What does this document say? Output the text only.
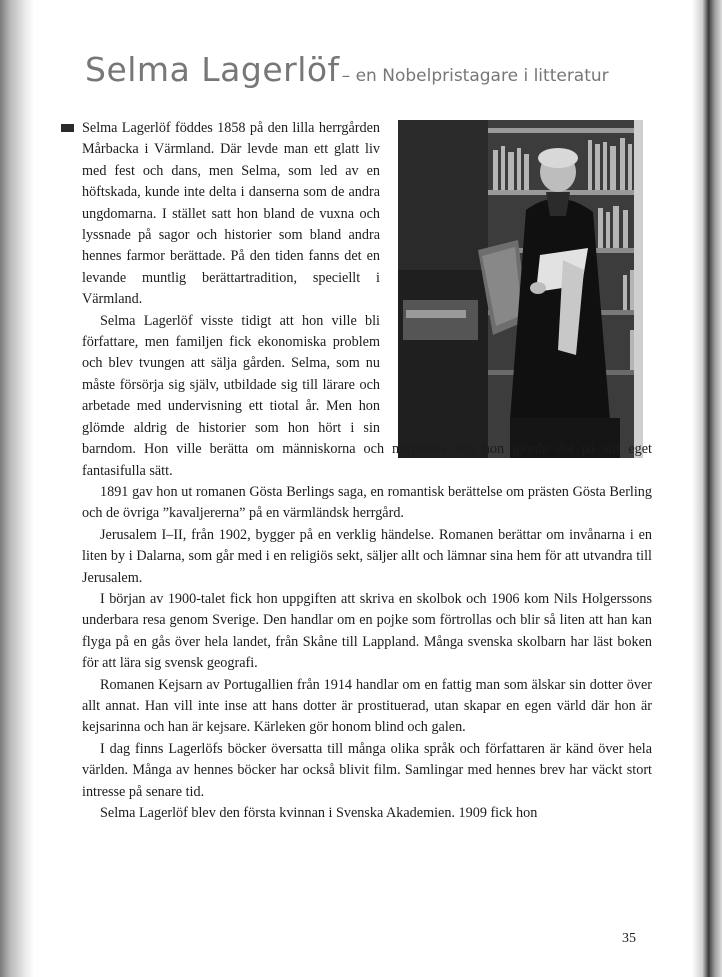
Selma Lagerlöf – en Nobelpristagare i litteratur

Selma Lagerlöf föddes 1858 på den lilla herrgården Mårbacka i Värmland. Där levde man ett glatt liv med fest och dans, men Selma, som led av en höftskada, kunde inte delta i danserna som de andra ungdomarna. I stället satt hon bland de vuxna och lyssnade på sagor och historier som bland andra hennes farmor berättade. På den tiden fanns det en levande muntlig berättartradition, speciellt i Värmland.

Selma Lagerlöf visste tidigt att hon ville bli författare, men familjen fick ekonomiska problem och blev tvungen att sälja gården. Selma, som nu måste försörja sig själv, utbildade sig till lärare och arbetade med undervisning ett tiotal år. Men hon glömde aldrig de historier som hon hört i sin barndom. Hon ville berätta om människorna och miljöerna och hon gjorde det på sitt eget fantasifulla sätt.

1891 gav hon ut romanen Gösta Berlings saga, en romantisk berättelse om prästen Gösta Berling och de övriga ”kavaljererna” på en värmländsk herrgård.

Jerusalem I–II, från 1902, bygger på en verklig händelse. Romanen berättar om invånarna i en liten by i Dalarna, som går med i en religiös sekt, säljer allt och lämnar sina hem för att utvandra till Jerusalem.

I början av 1900-talet fick hon uppgiften att skriva en skolbok och 1906 kom Nils Holgerssons underbara resa genom Sverige. Den handlar om en pojke som förtrollas och blir så liten att han kan flyga på en gås över hela landet, från Skåne till Lappland. Många svenska skolbarn har läst boken för att lära sig svensk geografi.

Romanen Kejsarn av Portugallien från 1914 handlar om en fattig man som älskar sin dotter över allt annat. Han vill inte inse att hans dotter är prostituerad, utan skapar en egen värld där hon är kejsarinna och han är kejsare. Kärleken gör honom blind och galen.

I dag finns Lagerlöfs böcker översatta till många olika språk och författaren är känd över hela världen. Många av hennes böcker har också blivit film. Samlingar med hennes brev har väckt stort intresse på senare tid.

Selma Lagerlöf blev den första kvinnan i Svenska Akademien. 1909 fick hon

35
